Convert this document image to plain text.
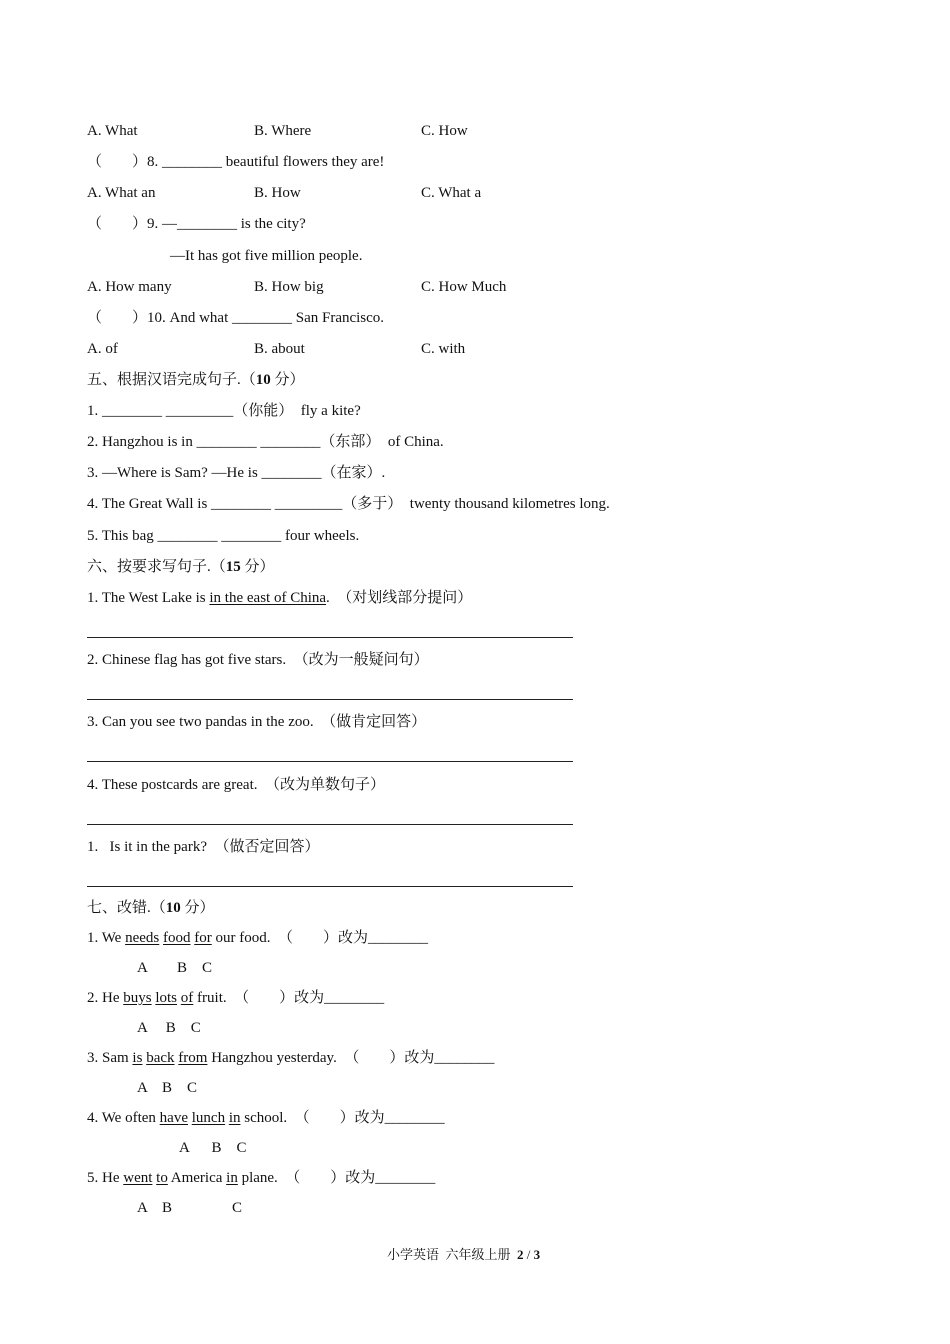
A. What	B. Where	C. How
（        ）8. ________ beautiful flowers they are!
A. What an	B. How	C. What a
（        ）9. —________ is the city?
—It has got five million people.
A. How many	B. How big	C. How Much
（        ）10. And what ________ San Francisco.
A. of	B. about	C. with
五、根据汉语完成句子.（10 分）
1. ________ _________（你能）  fly a kite?
2. Hangzhou is in ________ ________（东部）  of China.
3. —Where is Sam? —He is ________（在家）.
4. The Great Wall is ________ _________（多于）  twenty thousand kilometres long.
5. This bag ________ ________ four wheels.
六、按要求写句子.（15 分）
1. The West Lake is in the east of China.  （对划线部分提问）
2. Chinese flag has got five stars.  （改为一般疑问句）
3. Can you see two pandas in the zoo.  （做肯定回答）
4. These postcards are great.  （改为单数句子）
1.   Is it in the park?  （做否定回答）
七、改错.（10 分）
1. We needs food for our food.  （        ）改为________
A        B    C
2. He buys lots of fruit.  （        ）改为________
A     B    C
3. Sam is back from Hangzhou yesterday.  （        ）改为________
A    B    C
4. We often have lunch in school.  （        ）改为________
A      B    C
5. He went to America in plane.  （        ）改为________
A    B                C
小学英语  六年级上册  2 / 3
